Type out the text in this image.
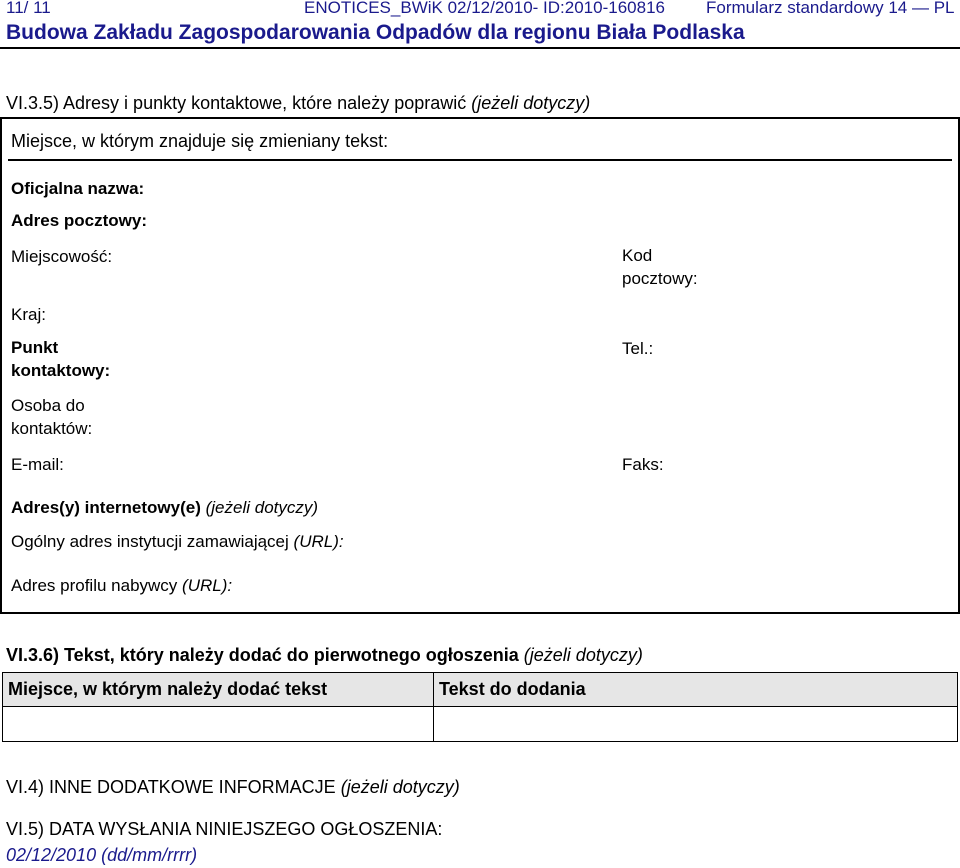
11/ 11	ENOTICES_BWiK 02/12/2010- ID:2010-160816 Formularz standardowy 14 — PL
Budowa Zakładu Zagospodarowania Odpadów dla regionu Biała Podlaska
VI.3.5) Adresy i punkty kontaktowe, które należy poprawić (jeżeli dotyczy)
Miejsce, w którym znajduje się zmieniany tekst:
Oficjalna nazwa:
Adres pocztowy:
Miejscowość:	Kod pocztowy:
Kraj:
Punkt kontaktowy:
Tel.:
Osoba do kontaktów:
E-mail:	Faks:
Adres(y) internetowy(e) (jeżeli dotyczy)
Ogólny adres instytucji zamawiającej (URL):
Adres profilu nabywcy (URL):
VI.3.6) Tekst, który należy dodać do pierwotnego ogłoszenia (jeżeli dotyczy)
Miejsce, w którym należy dodać tekst	Tekst do dodania

VI.4) INNE DODATKOWE INFORMACJE (jeżeli dotyczy)
VI.5) DATA WYSŁANIA NINIEJSZEGO OGŁOSZENIA:
02/12/2010 (dd/mm/rrrr)
